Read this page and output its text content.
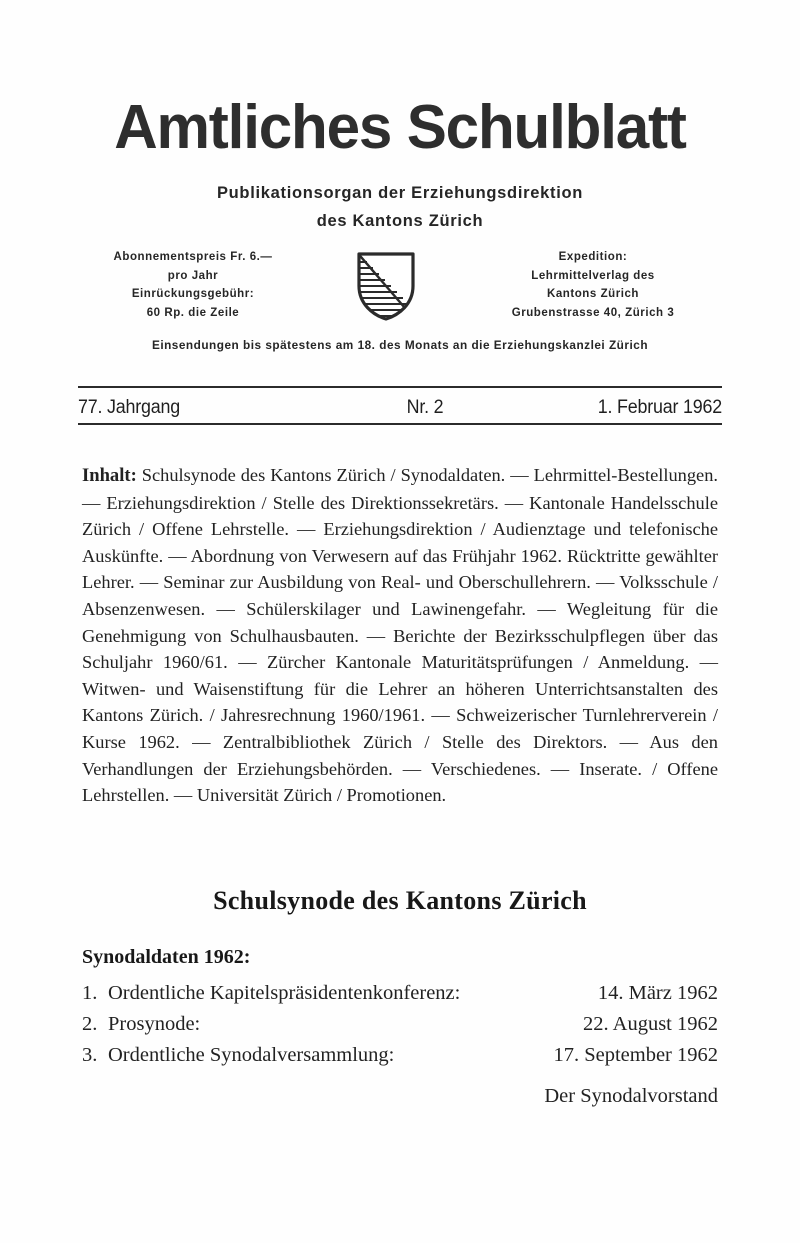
Amtliches Schulblatt
Publikationsorgan der Erziehungsdirektion
des Kantons Zürich
Abonnementspreis Fr. 6.—
pro Jahr
Einrückungsgebühr:
60 Rp. die Zeile
Expedition:
Lehrmittelverlag des
Kantons Zürich
Grubenstrasse 40, Zürich 3
Einsendungen bis spätestens am 18. des Monats an die Erziehungskanzlei Zürich
77. Jahrgang	Nr. 2	1. Februar 1962
Inhalt: Schulsynode des Kantons Zürich / Synodaldaten. — Lehrmittel-Bestellungen. — Erziehungsdirektion / Stelle des Direktionssekretärs. — Kantonale Handelsschule Zürich / Offene Lehrstelle. — Erziehungsdirektion / Audienztage und telefonische Auskünfte. — Abordnung von Verwesern auf das Frühjahr 1962. Rücktritte gewählter Lehrer. — Seminar zur Ausbildung von Real- und Oberschullehrern. — Volksschule / Absenzenwesen. — Schülerskilager und Lawinengefahr. — Wegleitung für die Genehmigung von Schulhausbauten. — Berichte der Bezirksschulpflegen über das Schuljahr 1960/61. — Zürcher Kantonale Maturitätsprüfungen / Anmeldung. — Witwen- und Waisenstiftung für die Lehrer an höheren Unterrichtsanstalten des Kantons Zürich. / Jahresrechnung 1960/1961. — Schweizerischer Turnlehrerverein / Kurse 1962. — Zentralbibliothek Zürich / Stelle des Direktors. — Aus den Verhandlungen der Erziehungsbehörden. — Verschiedenes. — Inserate. / Offene Lehrstellen. — Universität Zürich / Promotionen.
Schulsynode des Kantons Zürich
Synodaldaten 1962:
1. Ordentliche Kapitelspräsidentenkonferenz:	14. März 1962
2. Prosynode:	22. August 1962
3. Ordentliche Synodalversammlung:	17. September 1962
Der Synodalvorstand
